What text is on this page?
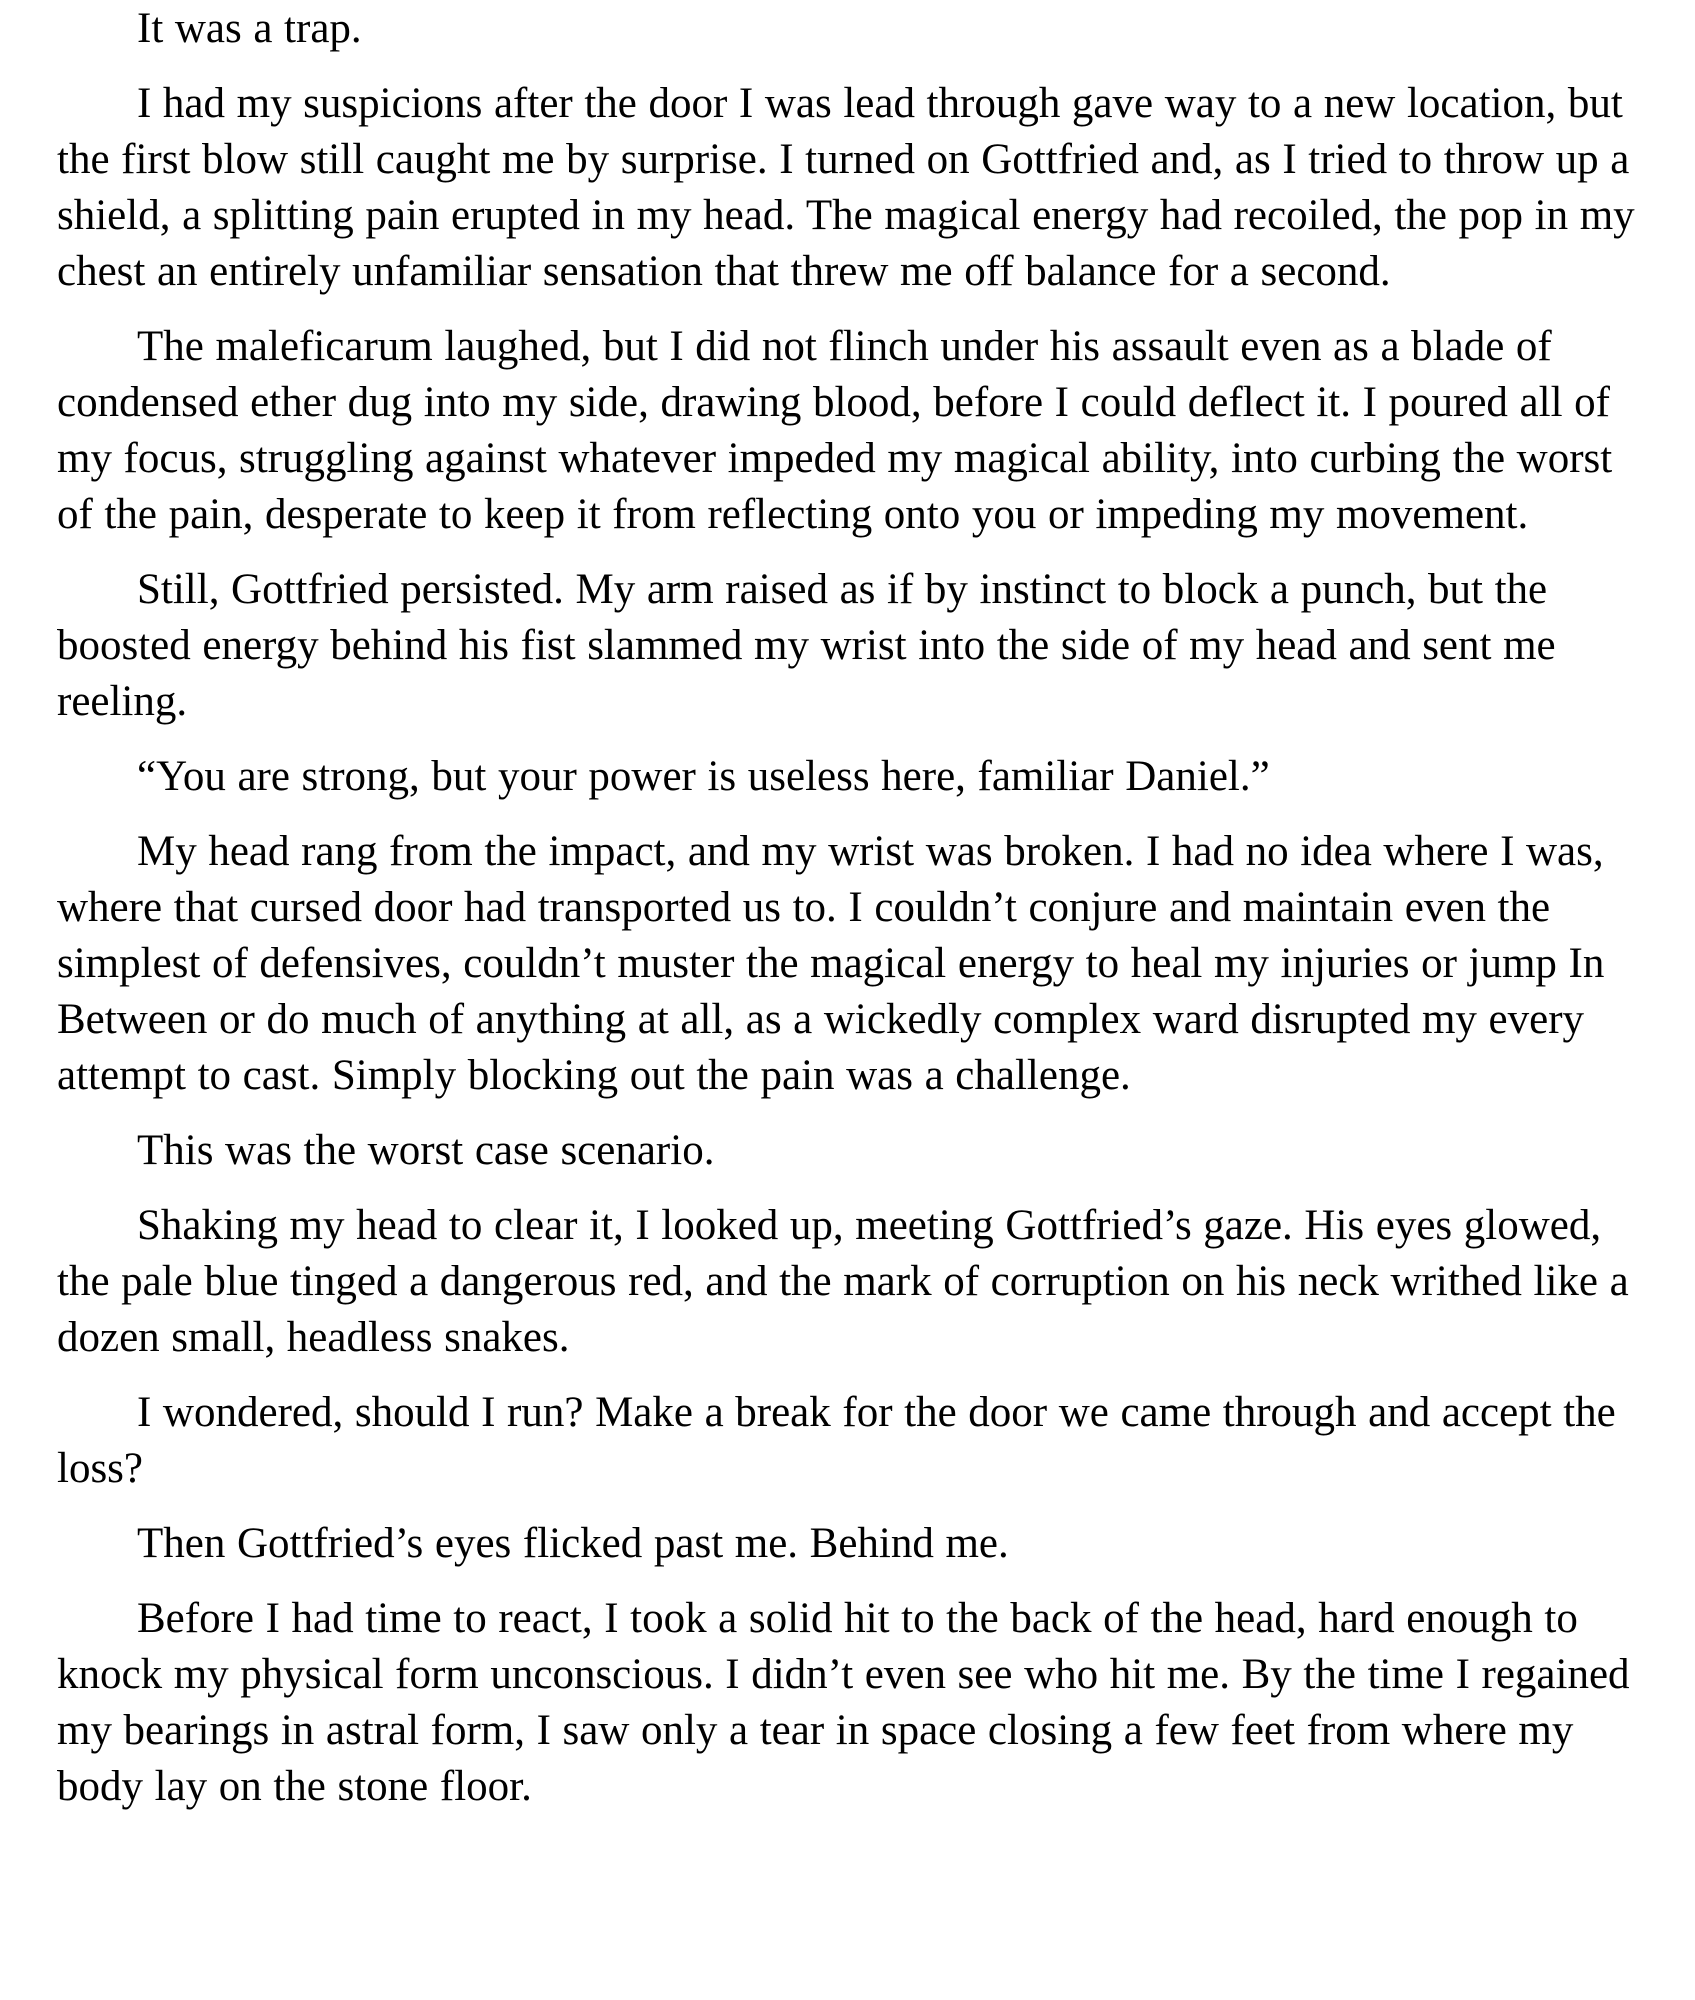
It was a trap.

I had my suspicions after the door I was lead through gave way to a new location, but the first blow still caught me by surprise. I turned on Gottfried and, as I tried to throw up a shield, a splitting pain erupted in my head. The magical energy had recoiled, the pop in my chest an entirely unfamiliar sensation that threw me off balance for a second.

The maleficarum laughed, but I did not flinch under his assault even as a blade of condensed ether dug into my side, drawing blood, before I could deflect it. I poured all of my focus, struggling against whatever impeded my magical ability, into curbing the worst of the pain, desperate to keep it from reflecting onto you or impeding my movement.

Still, Gottfried persisted. My arm raised as if by instinct to block a punch, but the boosted energy behind his fist slammed my wrist into the side of my head and sent me reeling.

“You are strong, but your power is useless here, familiar Daniel.”

My head rang from the impact, and my wrist was broken. I had no idea where I was, where that cursed door had transported us to. I couldn’t conjure and maintain even the simplest of defensives, couldn’t muster the magical energy to heal my injuries or jump In Between or do much of anything at all, as a wickedly complex ward disrupted my every attempt to cast. Simply blocking out the pain was a challenge.

This was the worst case scenario.

Shaking my head to clear it, I looked up, meeting Gottfried’s gaze. His eyes glowed, the pale blue tinged a dangerous red, and the mark of corruption on his neck writhed like a dozen small, headless snakes.

I wondered, should I run? Make a break for the door we came through and accept the loss?

Then Gottfried’s eyes flicked past me. Behind me.

Before I had time to react, I took a solid hit to the back of the head, hard enough to knock my physical form unconscious. I didn’t even see who hit me. By the time I regained my bearings in astral form, I saw only a tear in space closing a few feet from where my body lay on the stone floor.
